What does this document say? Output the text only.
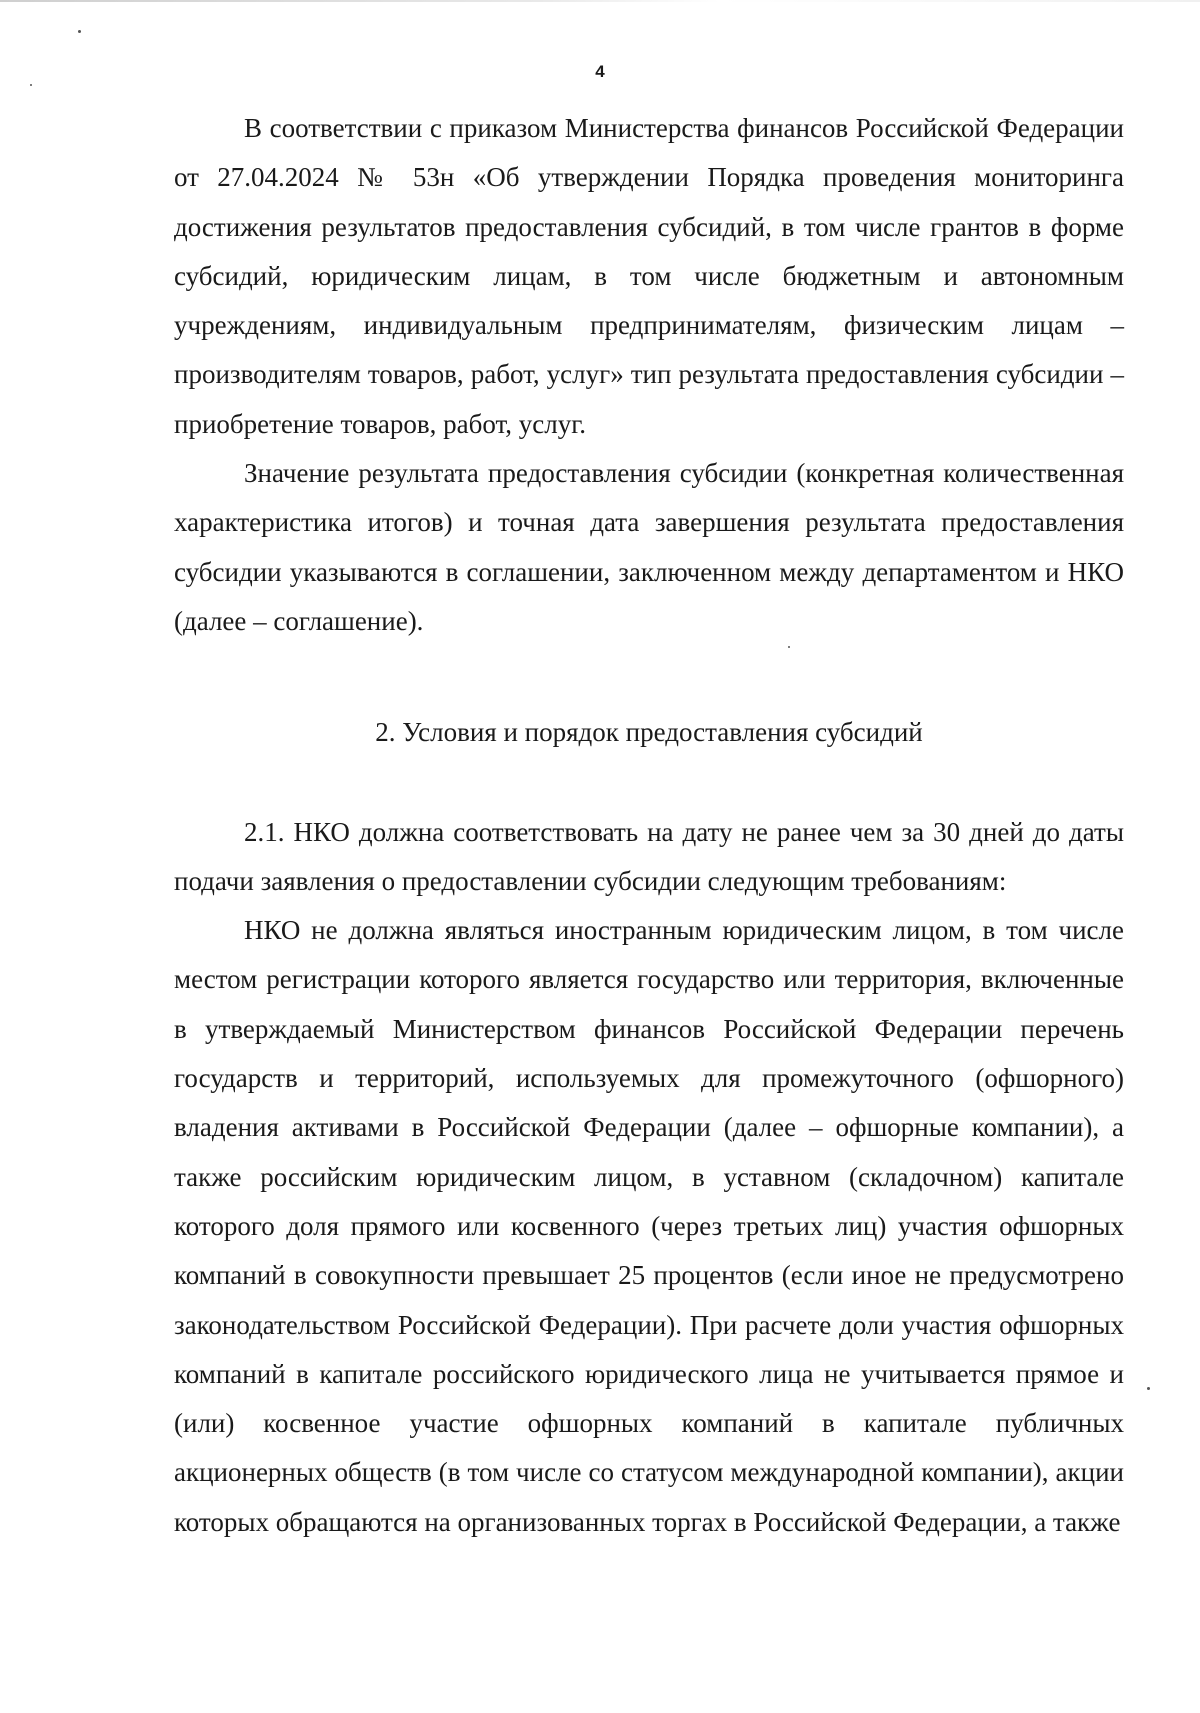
4

В соответствии с приказом Министерства финансов Российской Федерации от 27.04.2024 № 53н «Об утверждении Порядка проведения мониторинга достижения результатов предоставления субсидий, в том числе грантов в форме субсидий, юридическим лицам, в том числе бюджетным и автономным учреждениям, индивидуальным предпринимателям, физическим лицам – производителям товаров, работ, услуг» тип результата предоставления субсидии – приобретение товаров, работ, услуг.

Значение результата предоставления субсидии (конкретная количественная характеристика итогов) и точная дата завершения результата предоставления субсидии указываются в соглашении, заключенном между департаментом и НКО (далее – соглашение).

2. Условия и порядок предоставления субсидий

2.1. НКО должна соответствовать на дату не ранее чем за 30 дней до даты подачи заявления о предоставлении субсидии следующим требованиям:

НКО не должна являться иностранным юридическим лицом, в том числе местом регистрации которого является государство или территория, включенные в утверждаемый Министерством финансов Российской Федерации перечень государств и территорий, используемых для промежуточного (офшорного) владения активами в Российской Федерации (далее – офшорные компании), а также российским юридическим лицом, в уставном (складочном) капитале которого доля прямого или косвенного (через третьих лиц) участия офшорных компаний в совокупности превышает 25 процентов (если иное не предусмотрено законодательством Российской Федерации). При расчете доли участия офшорных компаний в капитале российского юридического лица не учитывается прямое и (или) косвенное участие офшорных компаний в капитале публичных акционерных обществ (в том числе со статусом международной компании), акции которых обращаются на организованных торгах в Российской Федерации, а также
